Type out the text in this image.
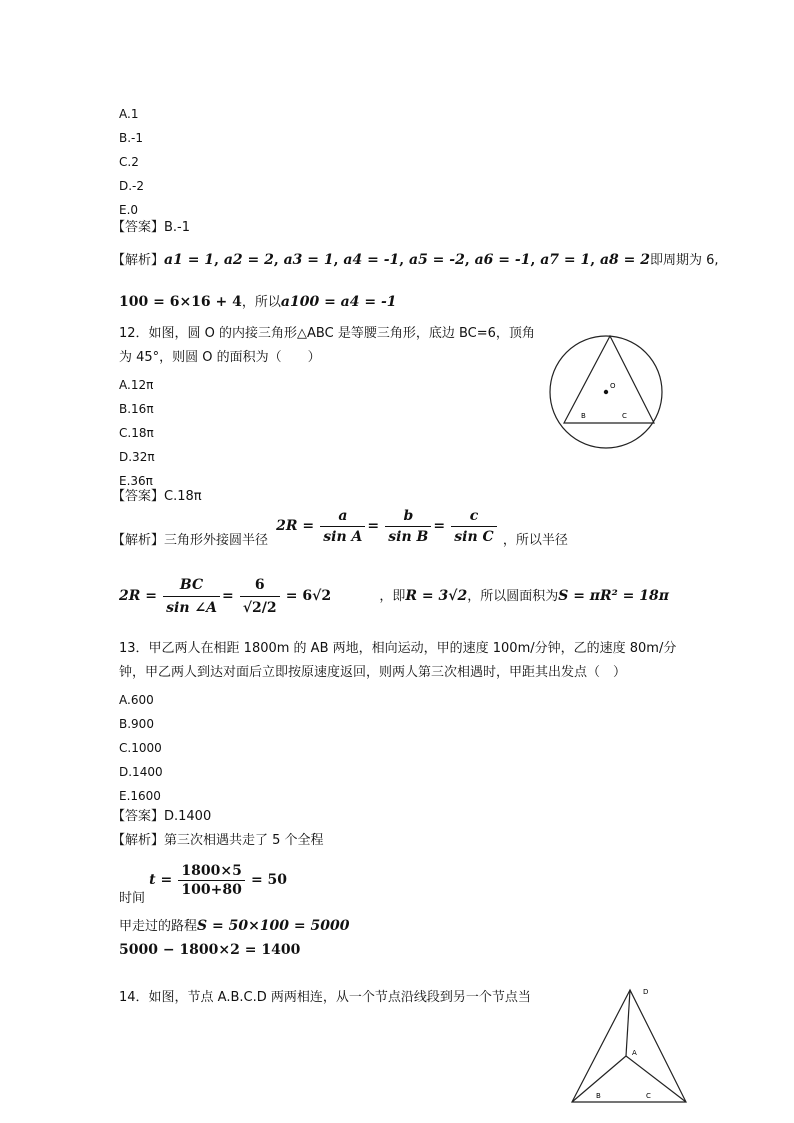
A.1
B.-1
C.2
D.-2
E.0
【答案】B.-1
【解析】a1 = 1, a2 = 2, a3 = 1, a4 = -1, a5 = -2, a6 = -1, a7 = 1, a8 = 2即周期为 6,
100 = 6×16 + 4，所以a100 = a4 = -1
12．如图，圆 O 的内接三角形△ABC 是等腰三角形，底边 BC=6，顶角
为 45°，则圆 O 的面积为（　　）
A.12π
B.16π
C.18π
D.32π
E.36π
【答案】C.18π
O
B	C
【解析】三角形外接圆半径 $2R = \frac{a}{\text{sin A}} = \frac{b}{\text{sin B}} = \frac{c}{\text{sin C}}$ ，所以半径
$2R = \frac{BC}{\sin \angle A} = \frac{6}{√2/2} = 6√2$	，即R = 3√2，所以圆面积为S = πR² = 18π
13．甲乙两人在相距 1800m 的 AB 两地，相向运动，甲的速度 100m/分钟，乙的速度 80m/分
钟，甲乙两人到达对面后立即按原速度返回，则两人第三次相遇时，甲距其出发点（　）
A.600
B.900
C.1000
D.1400
E.1600
【答案】D.1400
【解析】第三次相遇共走了 5 个全程
时间 $t = \frac{1800\times 5}{100+80} = 50$
甲走过的路程S = 50×100 = 5000
5000 − 1800×2 = 1400
14．如图，节点 A.B.C.D 两两相连，从一个节点沿线段到另一个节点当	D
A
B	C
